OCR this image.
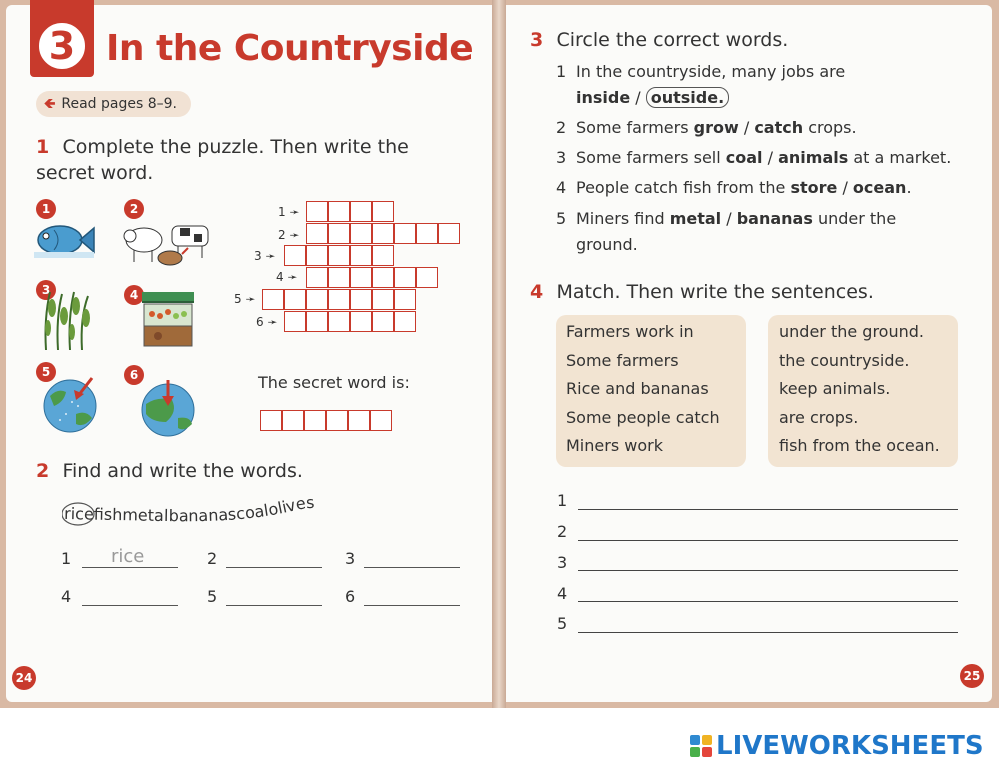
3 In the Countryside
🡸 Read pages 8–9.
1 Complete the puzzle. Then write the secret word.
1	2
3	4
5	6
1 ➛
2 ➛
3 ➛
4 ➛
5 ➛
6 ➛
The secret word is:
2 Find and write the words.
ricefishmetalbananascoalolives
1 rice	2	3
4	5	6
24
3 Circle the correct words.
1 In the countryside, many jobs are
inside / outside.
2 Some farmers grow / catch crops.
3 Some farmers sell coal / animals at a market.
4 People catch fish from the store / ocean.
5 Miners find metal / bananas under the
ground.
4 Match. Then write the sentences.
Farmers work in
Some farmers
Rice and bananas
Some people catch
Miners work
under the ground.
the countryside.
keep animals.
are crops.
fish from the ocean.
1
2
3
4
5
25
LIVEWORKSHEETS
